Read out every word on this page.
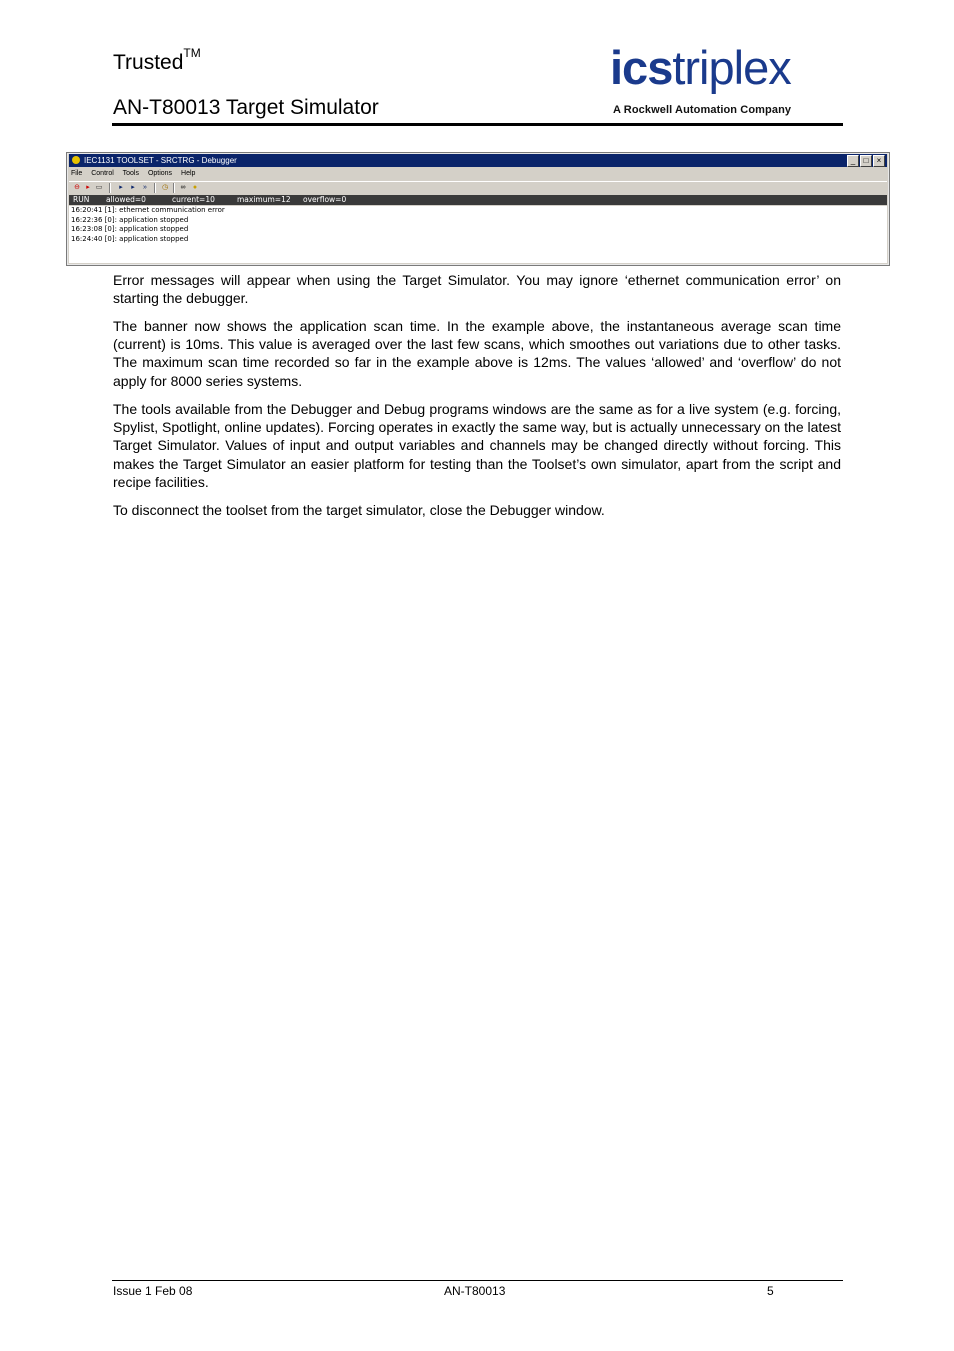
Trusted™
AN-T80013 Target Simulator
icstriplex
A Rockwell Automation Company
IEC1131 TOOLSET - SRCTRG - Debugger	_	□	×
File Control Tools Options Help
⊖ ▸ ▭	▸	▸	» ◷ ∞ ●
RUN allowed=0	current=10	maximum=12 overflow=0
16:20:41 [1]: ethernet communication error
16:22:36 [0]: application stopped
16:23:08 [0]: application stopped
16:24:40 [0]: application stopped

Error messages will appear when using the Target Simulator. You may ignore ‘ethernet communication error’ on starting the debugger.

The banner now shows the application scan time. In the example above, the instantaneous average scan time (current) is 10ms. This value is averaged over the last few scans, which smoothes out variations due to other tasks. The maximum scan time recorded so far in the example above is 12ms. The values ‘allowed’ and ‘overflow’ do not apply for 8000 series systems.

The tools available from the Debugger and Debug programs windows are the same as for a live system (e.g. forcing, Spylist, Spotlight, online updates). Forcing operates in exactly the same way, but is actually unnecessary on the latest Target Simulator. Values of input and output variables and channels may be changed directly without forcing. This makes the Target Simulator an easier platform for testing than the Toolset’s own simulator, apart from the script and recipe facilities.

To disconnect the toolset from the target simulator, close the Debugger window.

Issue 1 Feb 08	AN-T80013	5
